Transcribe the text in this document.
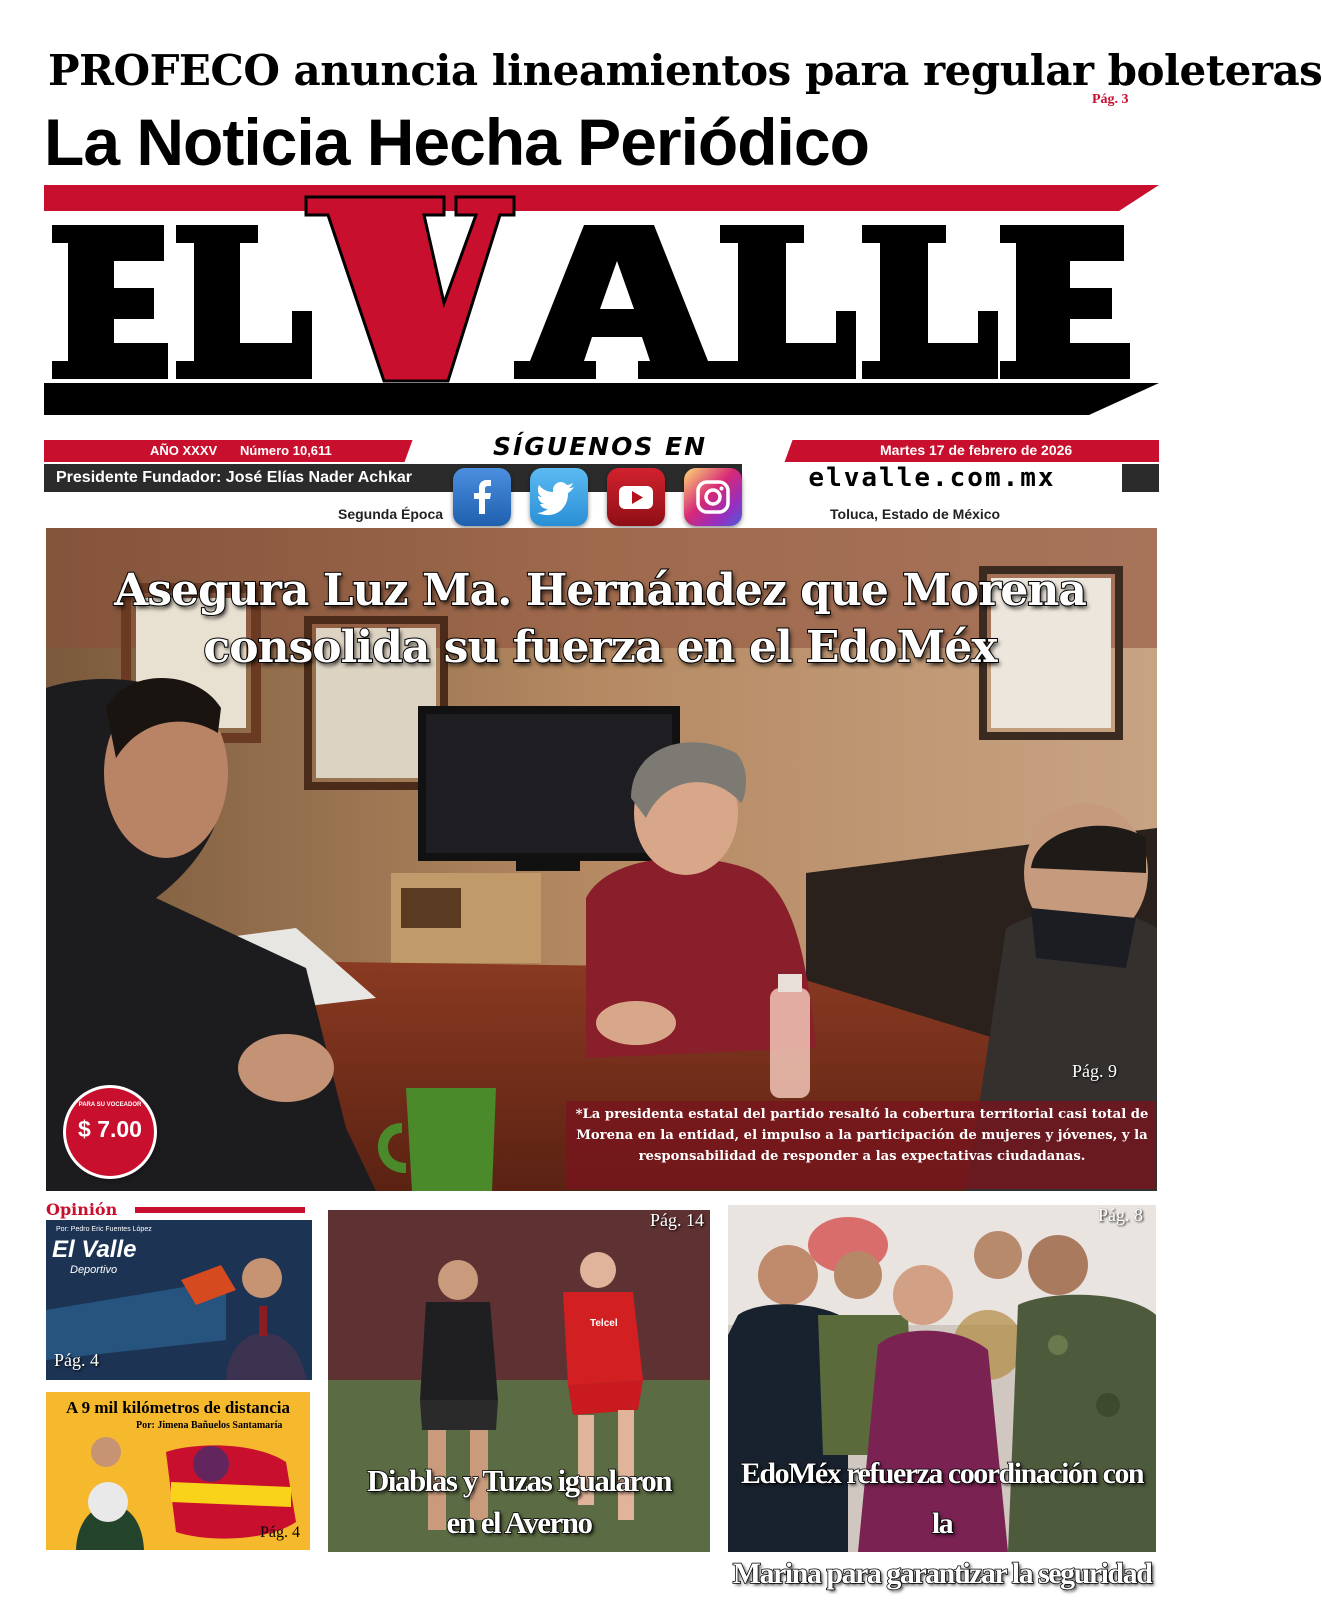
PROFECO anuncia lineamientos para regular boleteras
Pág. 3
La Noticia Hecha Periódico
AÑO XXXV Número 10,611	Martes 17 de febrero de 2026
SÍGUENOS EN
Presidente Fundador: José Elías Nader Achkar	elvalle.com.mx
Segunda Época	Toluca, Estado de México
Asegura Luz Ma. Hernández que Morena
consolida su fuerza en el EdoMéx
Pág. 9
*La presidenta estatal del partido resaltó la cobertura territorial casi total de Morena en la entidad, el impulso a la participación de mujeres y jóvenes, y la responsabilidad de responder a las expectativas ciudadanas.
PARA SU VOCEADOR
$ 7.00
Opinión
Por: Pedro Eric Fuentes López
El Valle
Deportivo
Pág. 4
A 9 mil kilómetros de distancia
Por: Jimena Bañuelos Santamaría
Pág. 4
Telcel
Pág. 14
Diablas y Tuzas igualaron
en el Averno
Pág. 8
EdoMéx refuerza coordinación con la
Marina para garantizar la seguridad
